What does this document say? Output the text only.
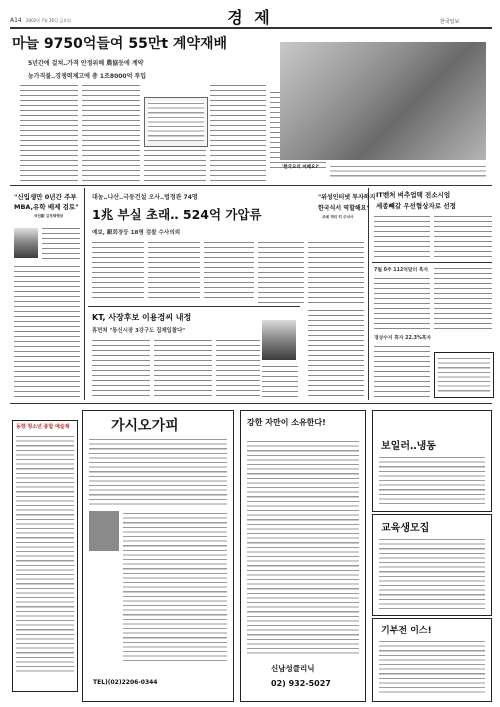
A14 2002년 7월 26일 금요일	경 제	한국일보
마늘 9750억들여 55만t 계약재배
5년간에 걸쳐‥가격 안정위해 農協등에 계약
농가직불‥경쟁력제고에 총 1조8000억 투입
'한국요리 어때요?'
"신입생만 0년간 주부
MBA,유학 배제 검토"
국민銀 김정태행장
대농‥나산‥극동건설 오사‥법정관 74명
1兆 부실 초래‥ 524억 가압류
예보, 銀회장등 18명 검찰 수사의뢰
KT, 사장후보 이용경씨 내정
휴먼쳐 "통신시장 3강구도 집체입찰다"
"위성인터넷 투자하지
한국식서 역할해요"
코메 게리 킥 주식사
IT벤처 벼추업택 전소시엄
세종빼갈 우선협상자로 선정
7월 0주 112억달러 흑자
경상수지 흑자 22.3%흑자
동향 청소년 종합 예술제	가시오가피
TEL)(02)2206-0344
강한 자만이 소유한다!
신남성클리닉
02) 932-5027
보일러‥냉동
교육생모집
기부전 이스!
